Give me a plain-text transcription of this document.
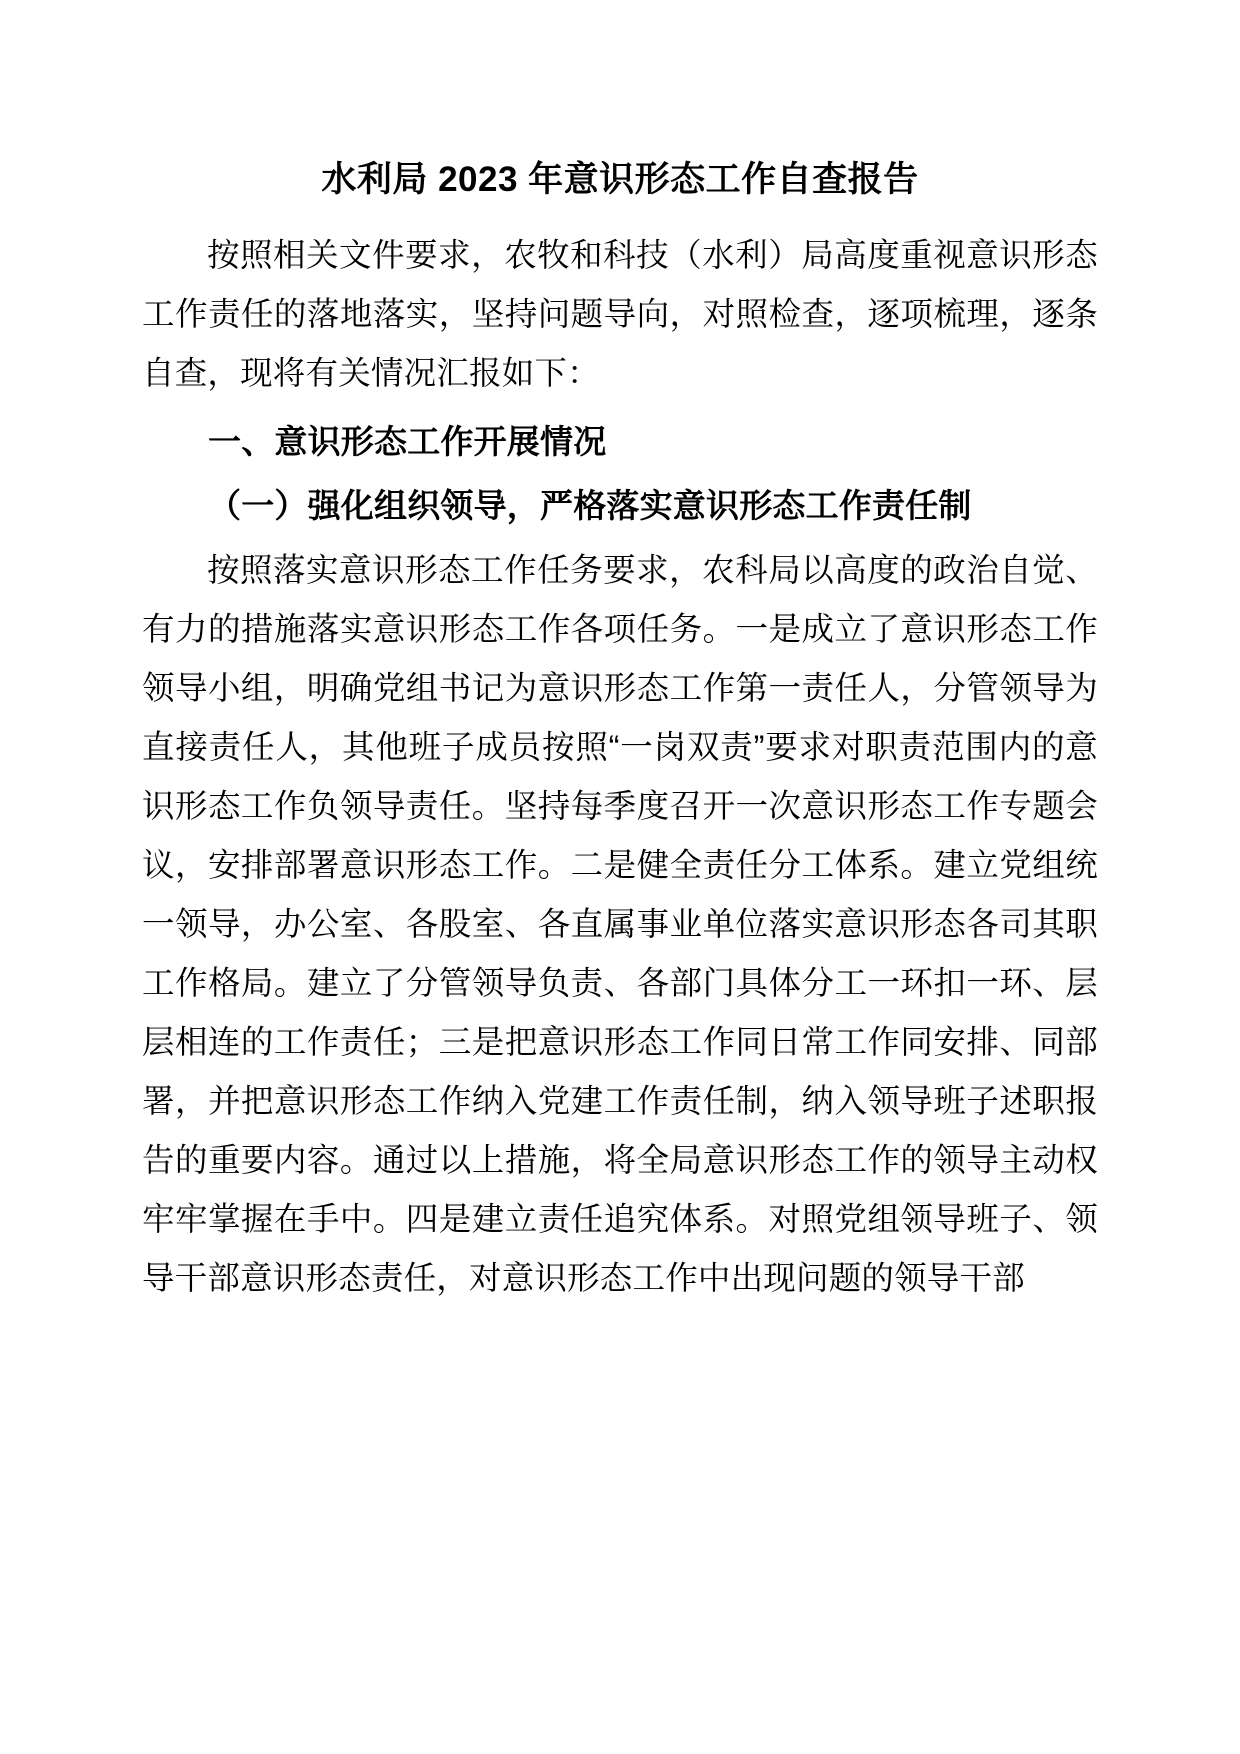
水利局 2023 年意识形态工作自查报告

按照相关文件要求，农牧和科技（水利）局高度重视意识形态工作责任的落地落实，坚持问题导向，对照检查，逐项梳理，逐条自查，现将有关情况汇报如下：

一、意识形态工作开展情况
（一）强化组织领导，严格落实意识形态工作责任制

按照落实意识形态工作任务要求，农科局以高度的政治自觉、有力的措施落实意识形态工作各项任务。一是成立了意识形态工作领导小组，明确党组书记为意识形态工作第一责任人，分管领导为直接责任人，其他班子成员按照“一岗双责”要求对职责范围内的意识形态工作负领导责任。坚持每季度召开一次意识形态工作专题会议，安排部署意识形态工作。二是健全责任分工体系。建立党组统一领导，办公室、各股室、各直属事业单位落实意识形态各司其职工作格局。建立了分管领导负责、各部门具体分工一环扣一环、层层相连的工作责任；三是把意识形态工作同日常工作同安排、同部署，并把意识形态工作纳入党建工作责任制，纳入领导班子述职报告的重要内容。通过以上措施，将全局意识形态工作的领导主动权牢牢掌握在手中。四是建立责任追究体系。对照党组领导班子、领导干部意识形态责任，对意识形态工作中出现问题的领导干部
